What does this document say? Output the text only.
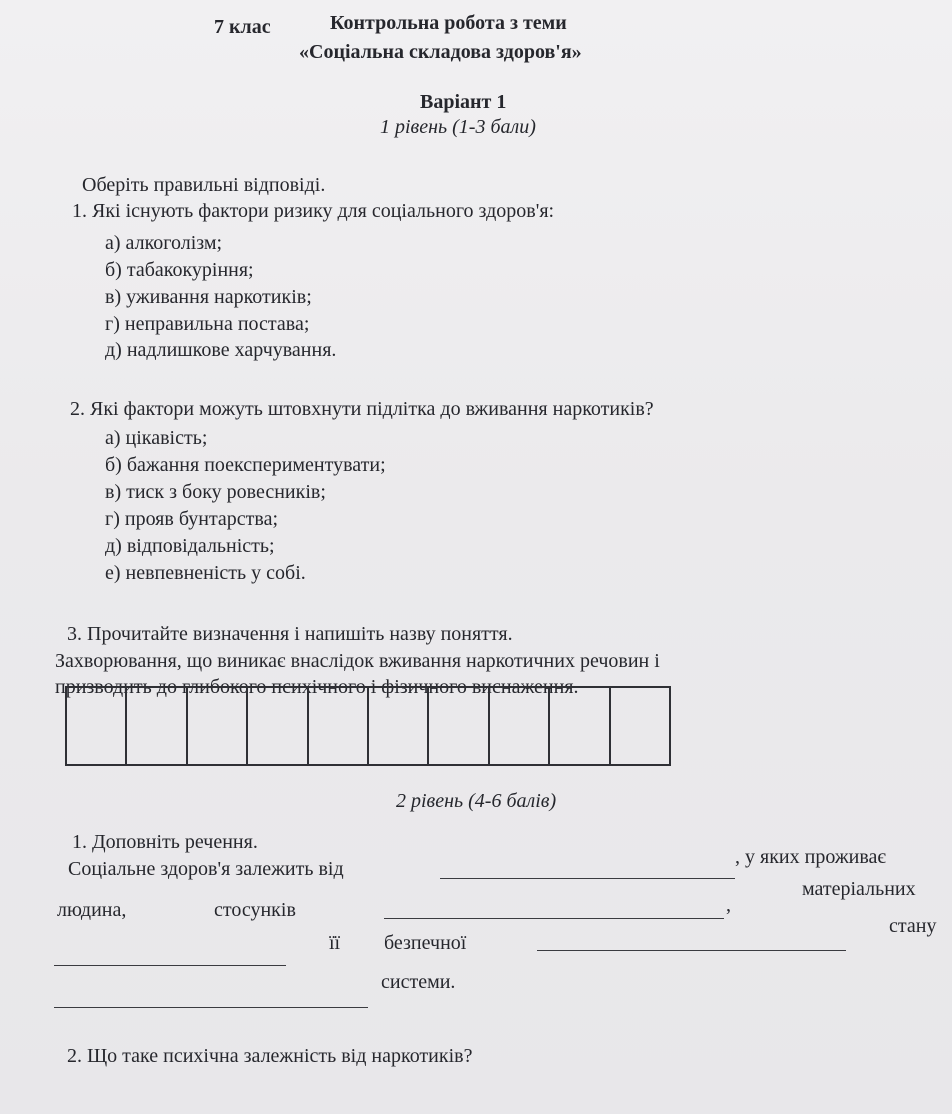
7 клас	Контрольна робота з теми
«Соціальна складова здоров'я»
Варіант 1
1 рівень (1-3 бали)
Оберіть правильні відповіді.
1. Які існують фактори ризику для соціального здоров'я:
а) алкоголізм;
б) табакокуріння;
в) уживання наркотиків;
г) неправильна постава;
д) надлишкове харчування.
2. Які фактори можуть штовхнути підлітка до вживання наркотиків?
а) цікавість;
б) бажання поекспериментувати;
в) тиск з боку ровесників;
г) прояв бунтарства;
д) відповідальність;
е) невпевненість у собі.
3. Прочитайте визначення і напишіть назву поняття.
Захворювання, що виникає внаслідок вживання наркотичних речовин і
призводить до глибокого психічного і фізичного виснаження.
2 рівень (4-6 балів)
1. Доповніть речення.
Соціальне здоров'я залежить від
, у яких проживає
людина,	стосунків	,
матеріальних
її безпечної
стану
системи.
2. Що таке психічна залежність від наркотиків?
